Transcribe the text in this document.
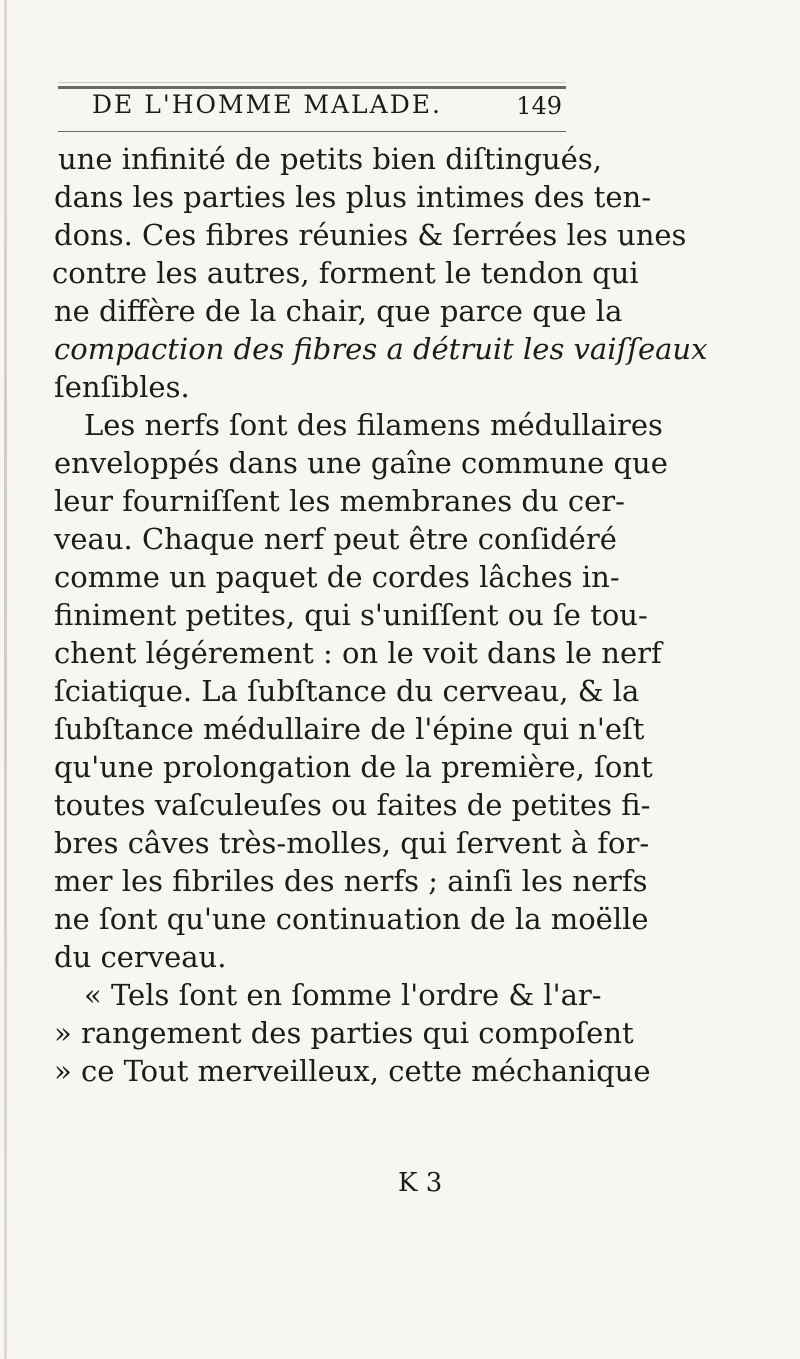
DE L'HOMME MALADE.	149
une infinité de petits bien diſtingués,
dans les parties les plus intimes des ten-
dons. Ces fibres réunies & ſerrées les unes
contre les autres, forment le tendon qui
ne diffère de la chair, que parce que la
compaction des fibres a détruit les vaiſſeaux
ſenſibles.
Les nerfs ſont des filamens médullaires
enveloppés dans une gaîne commune que
leur fourniſſent les membranes du cer-
veau. Chaque nerf peut être conſidéré
comme un paquet de cordes lâches in-
finiment petites, qui s'uniſſent ou ſe tou-
chent légérement : on le voit dans le nerf
ſciatique. La ſubſtance du cerveau, & la
ſubſtance médullaire de l'épine qui n'eſt
qu'une prolongation de la première, ſont
toutes vaſculeuſes ou faites de petites fi-
bres câves très-molles, qui ſervent à for-
mer les fibriles des nerfs ; ainſi les nerfs
ne ſont qu'une continuation de la moëlle
du cerveau.
« Tels ſont en ſomme l'ordre & l'ar-
» rangement des parties qui compoſent
» ce Tout merveilleux, cette méchanique
K 3
